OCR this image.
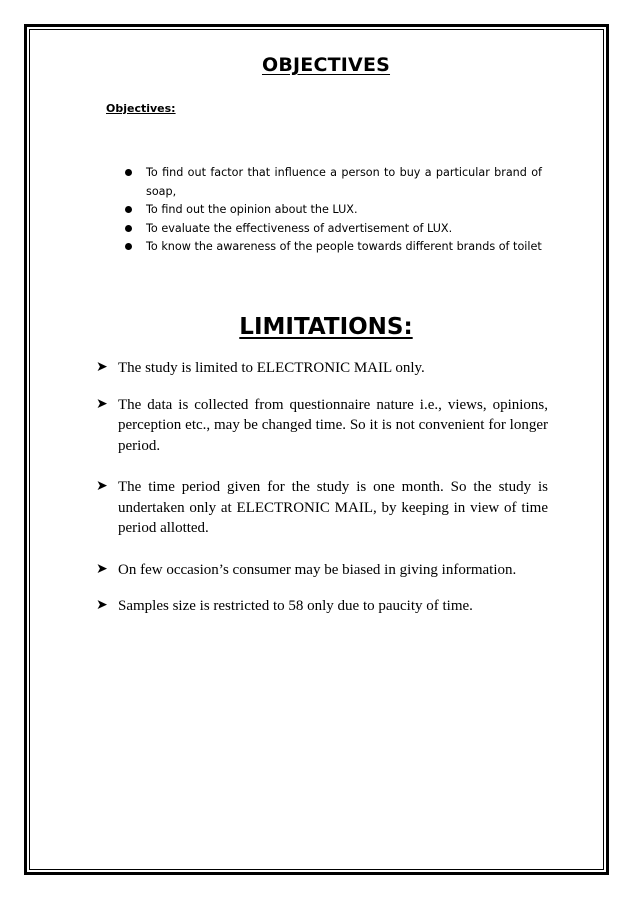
OBJECTIVES
Objectives:
To find out factor that influence a person to buy a particular brand of soap,
To find out the opinion about the LUX.
To evaluate the effectiveness of advertisement of LUX.
To know the awareness of the people towards different brands of toilet
LIMITATIONS:
➤ The study is limited to ELECTRONIC MAIL only.
➤ The data is collected from questionnaire nature i.e., views, opinions, perception etc., may be changed time. So it is not convenient for longer period.
➤ The time period given for the study is one month. So the study is undertaken only at ELECTRONIC MAIL, by keeping in view of time period allotted.
➤ On few occasion’s consumer may be biased in giving information.
➤ Samples size is restricted to 58 only due to paucity of time.
